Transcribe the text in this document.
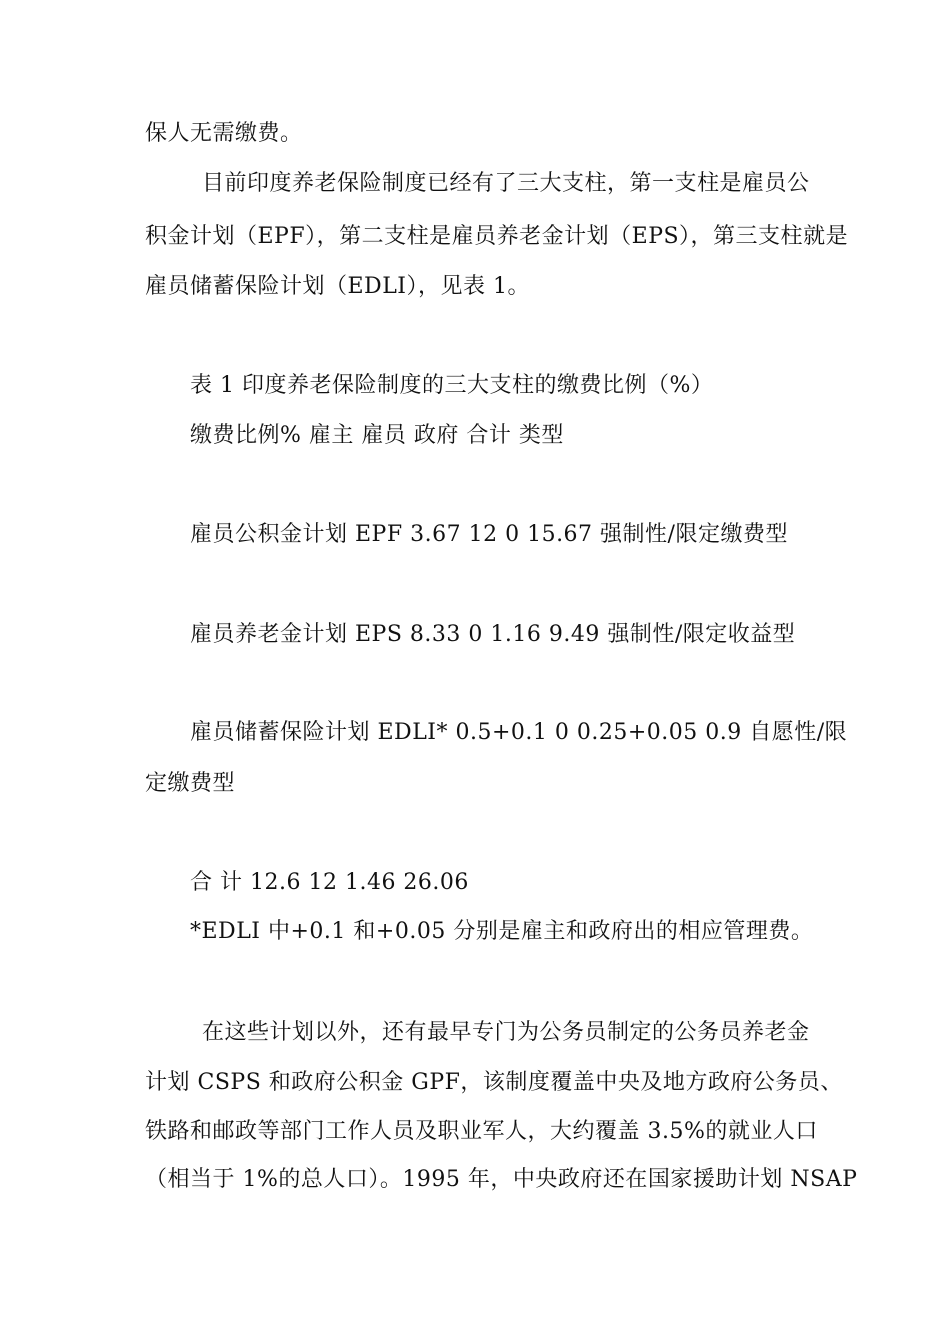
保人无需缴费。
目前印度养老保险制度已经有了三大支柱，第一支柱是雇员公
积金计划（EPF），第二支柱是雇员养老金计划（EPS），第三支柱就是
雇员储蓄保险计划（EDLI），见表 1。
表 1 印度养老保险制度的三大支柱的缴费比例（%）
缴费比例% 雇主 雇员 政府 合计 类型
雇员公积金计划 EPF 3.67 12 0 15.67 强制性/限定缴费型
雇员养老金计划 EPS 8.33 0 1.16 9.49 强制性/限定收益型
雇员储蓄保险计划 EDLI* 0.5+0.1 0 0.25+0.05 0.9 自愿性/限
定缴费型
合 计 12.6 12 1.46 26.06
*EDLI 中+0.1 和+0.05 分别是雇主和政府出的相应管理费。
在这些计划以外，还有最早专门为公务员制定的公务员养老金
计划 CSPS 和政府公积金 GPF，该制度覆盖中央及地方政府公务员、
铁路和邮政等部门工作人员及职业军人，大约覆盖 3.5%的就业人口
（相当于 1%的总人口）。1995 年，中央政府还在国家援助计划 NSAP
